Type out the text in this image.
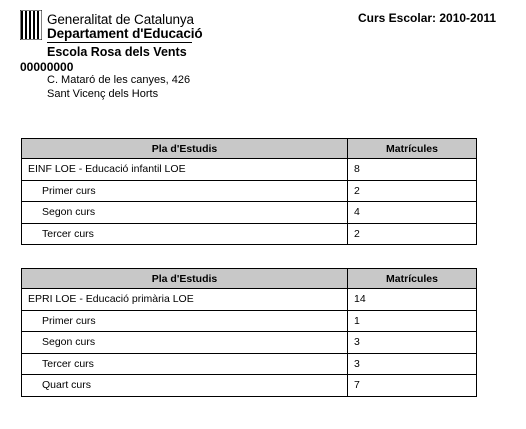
Generalitat de Catalunya
Departament d'Educació
Curs Escolar: 2010-2011
Escola Rosa dels Vents
00000000
C. Mataró de les canyes, 426
Sant Vicenç dels Horts
Pla d'Estudis	Matrícules
EINF LOE - Educació infantil LOE	8
Primer curs	2
Segon curs	4
Tercer curs	2
Pla d'Estudis	Matrícules
EPRI LOE - Educació primària LOE	14
Primer curs	1
Segon curs	3
Tercer curs	3
Quart curs	7
